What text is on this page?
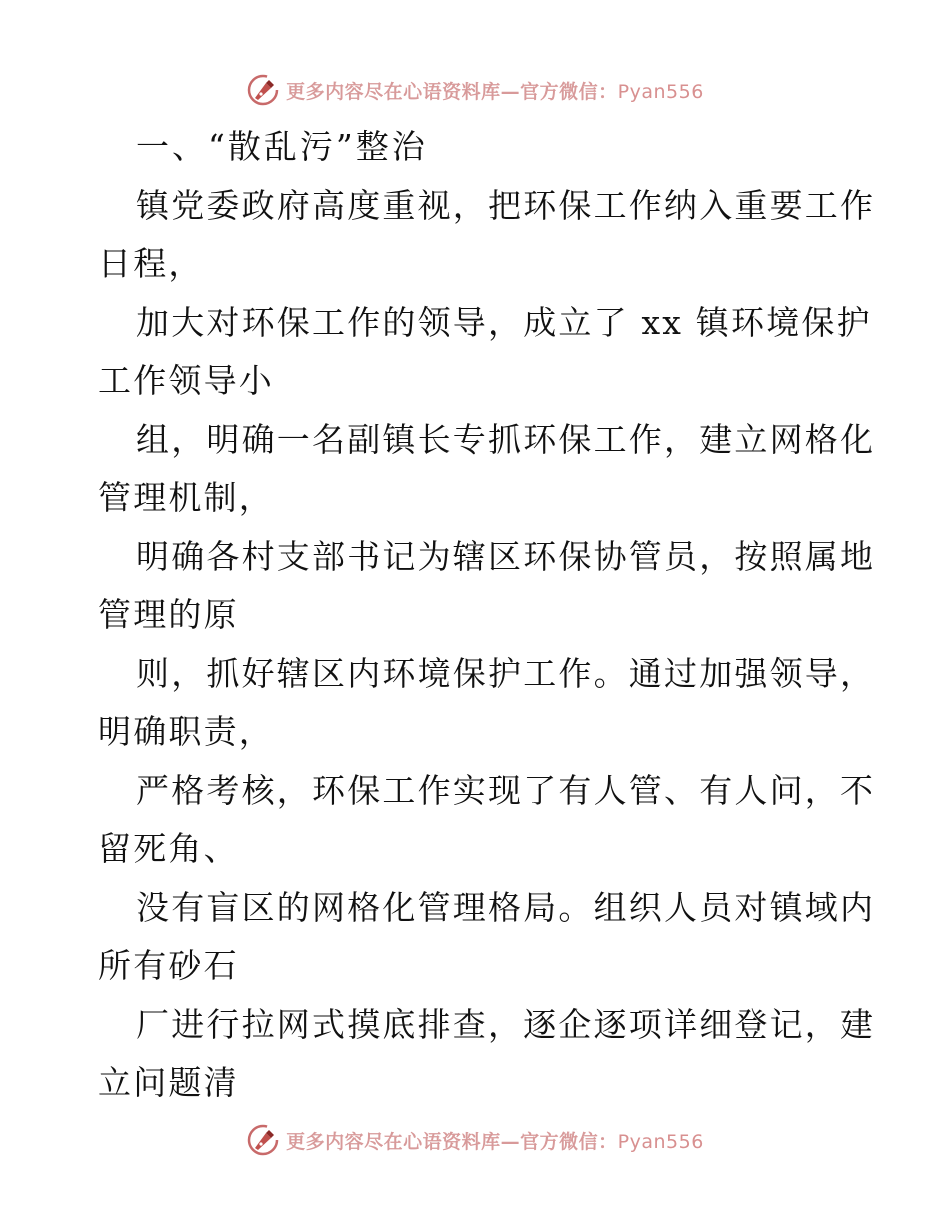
更多内容尽在心语资料库—官方微信：Pyan556
一、“散乱污”整治
镇党委政府高度重视，把环保工作纳入重要工作
日程，
加大对环保工作的领导，成立了 xx 镇环境保护
工作领导小
组，明确一名副镇长专抓环保工作，建立网格化
管理机制，
明确各村支部书记为辖区环保协管员，按照属地
管理的原
则，抓好辖区内环境保护工作。通过加强领导，
明确职责，
严格考核，环保工作实现了有人管、有人问，不
留死角、
没有盲区的网格化管理格局。组织人员对镇域内
所有砂石
厂进行拉网式摸底排查，逐企逐项详细登记，建
立问题清
更多内容尽在心语资料库—官方微信：Pyan556
